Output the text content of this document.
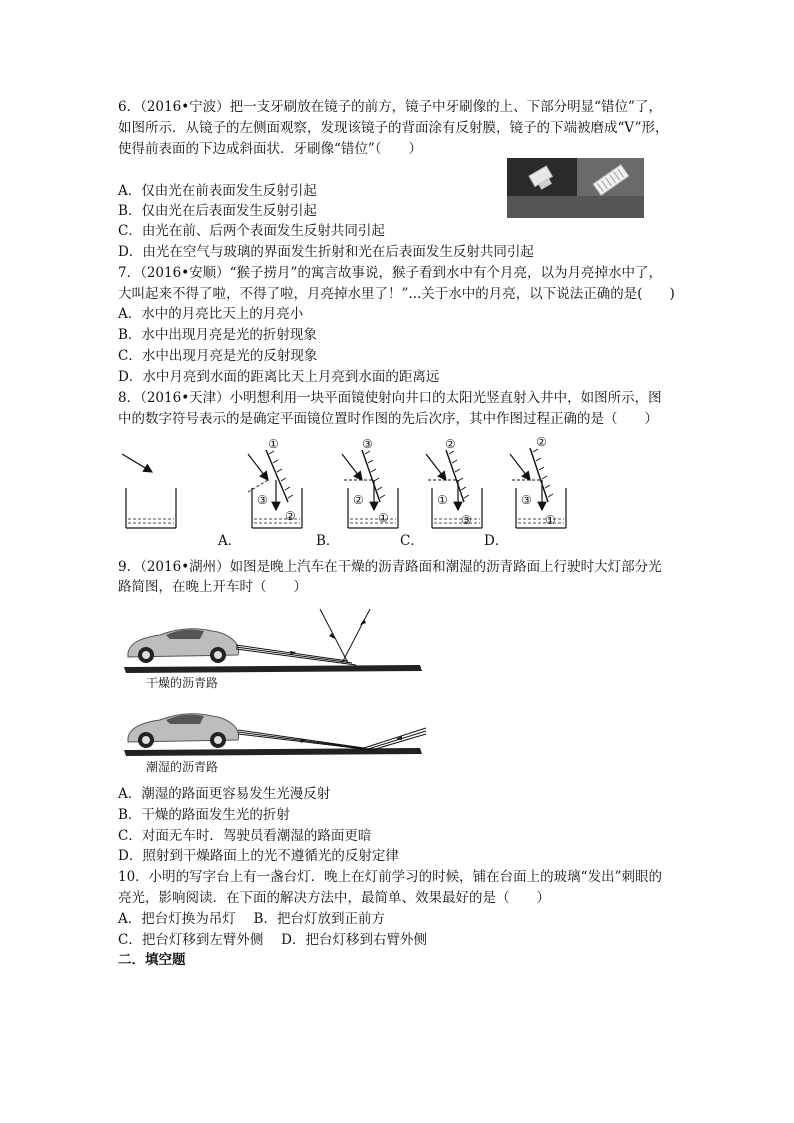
6．（2016•宁波）把一支牙刷放在镜子的前方，镜子中牙刷像的上、下部分明显“错位”了，
如图所示．从镜子的左侧面观察，发现该镜子的背面涂有反射膜，镜子的下端被磨成“V”形，
使得前表面的下边成斜面状．牙刷像“错位”（　　）
A．仅由光在前表面发生反射引起
B．仅由光在后表面发生反射引起
C．由光在前、后两个表面发生反射共同引起
D．由光在空气与玻璃的界面发生折射和光在后表面发生反射共同引起
7．（2016•安顺）“猴子捞月”的寓言故事说，猴子看到水中有个月亮，以为月亮掉水中了，
大叫起来不得了啦，不得了啦，月亮掉水里了！”...关于水中的月亮，以下说法正确的是(　　)
A．水中的月亮比天上的月亮小
B．水中出现月亮是光的折射现象
C．水中出现月亮是光的反射现象
D．水中月亮到水面的距离比天上月亮到水面的距离远
8．（2016•天津）小明想利用一块平面镜使射向井口的太阳光竖直射入井中，如图所示，图
中的数字符号表示的是确定平面镜位置时作图的先后次序，其中作图过程正确的是（　　）
①
③
②
③
②
①
②
①
③
②
③
①
A．	B．	C．	D．
9．（2016•湖州）如图是晚上汽车在干燥的沥青路面和潮湿的沥青路面上行驶时大灯部分光
路简图，在晚上开车时（　　）
干燥的沥青路
潮湿的沥青路
A．潮湿的路面更容易发生光漫反射
B．干燥的路面发生光的折射
C．对面无车时．驾驶员看潮湿的路面更暗
D．照射到干燥路面上的光不遵循光的反射定律
10．小明的写字台上有一盏台灯．晚上在灯前学习的时候，铺在台面上的玻璃“发出”刺眼的
亮光，影响阅读．在下面的解决方法中，最简单、效果最好的是（　　）
A．把台灯换为吊灯　 B．把台灯放到正前方
C．把台灯移到左臂外侧　 D．把台灯移到右臂外侧
二．填空题
